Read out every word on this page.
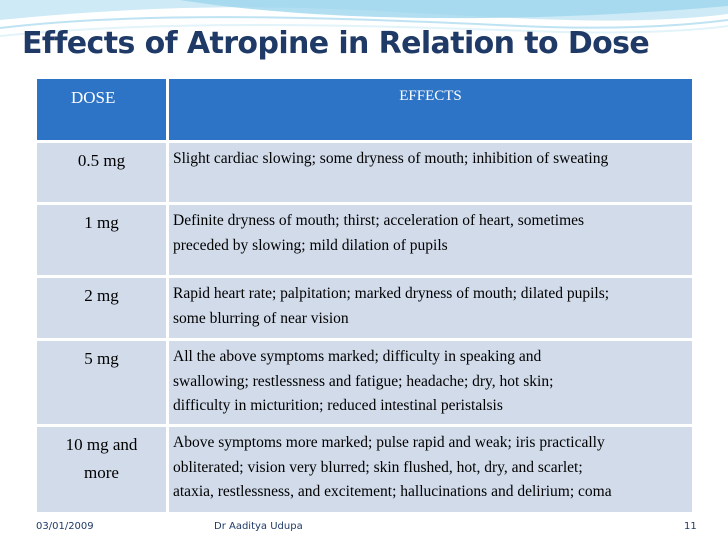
Effects of Atropine in Relation to Dose
DOSE	EFFECTS
0.5 mg	Slight cardiac slowing; some dryness of mouth; inhibition of sweating

1 mg	Definite dryness of mouth; thirst; acceleration of heart, sometimes
preceded by slowing; mild dilation of pupils

2 mg	Rapid heart rate; palpitation; marked dryness of mouth; dilated pupils;
some blurring of near vision

5 mg	All the above symptoms marked; difficulty in speaking and
swallowing; restlessness and fatigue; headache; dry, hot skin;
difficulty in micturition; reduced intestinal peristalsis

10 mg and
more	Above symptoms more marked; pulse rapid and weak; iris practically
obliterated; vision very blurred; skin flushed, hot, dry, and scarlet;
ataxia, restlessness, and excitement; hallucinations and delirium; coma
03/01/2009	Dr Aaditya Udupa	11
